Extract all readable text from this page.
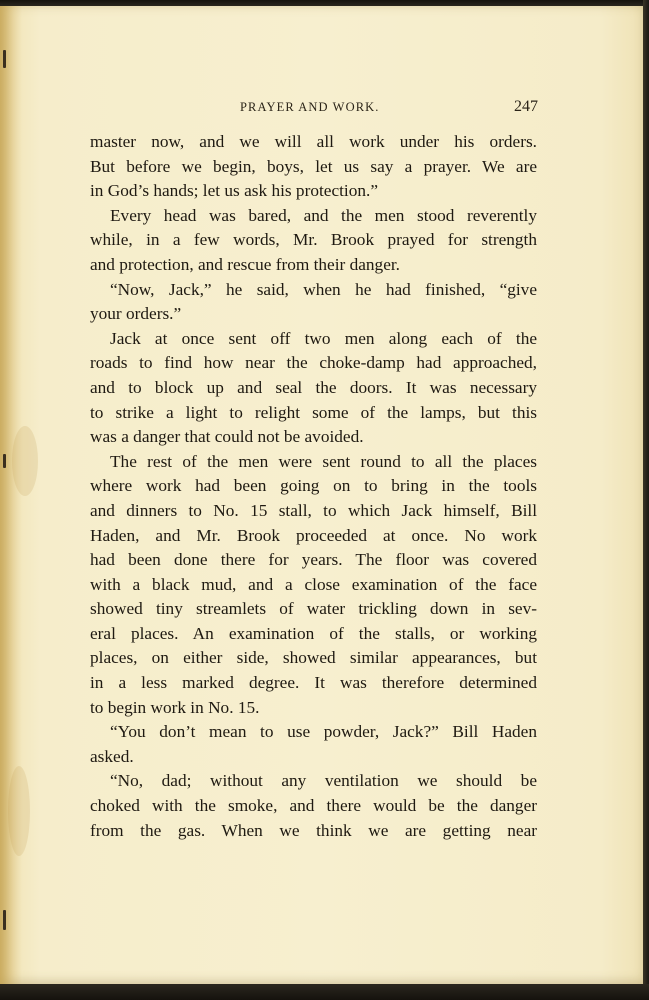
PRAYER AND WORK.	247
master now, and we will all work under his orders.
But before we begin, boys, let us say a prayer. We are
in God’s hands; let us ask his protection.”
Every head was bared, and the men stood reverently
while, in a few words, Mr. Brook prayed for strength
and protection, and rescue from their danger.
“Now, Jack,” he said, when he had finished, “give
your orders.”
Jack at once sent off two men along each of the
roads to find how near the choke-damp had approached,
and to block up and seal the doors. It was necessary
to strike a light to relight some of the lamps, but this
was a danger that could not be avoided.
The rest of the men were sent round to all the places
where work had been going on to bring in the tools
and dinners to No. 15 stall, to which Jack himself, Bill
Haden, and Mr. Brook proceeded at once. No work
had been done there for years. The floor was covered
with a black mud, and a close examination of the face
showed tiny streamlets of water trickling down in sev-
eral places. An examination of the stalls, or working
places, on either side, showed similar appearances, but
in a less marked degree. It was therefore determined
to begin work in No. 15.
“You don’t mean to use powder, Jack?” Bill Haden
asked.
“No, dad; without any ventilation we should be
choked with the smoke, and there would be the danger
from the gas. When we think we are getting near
